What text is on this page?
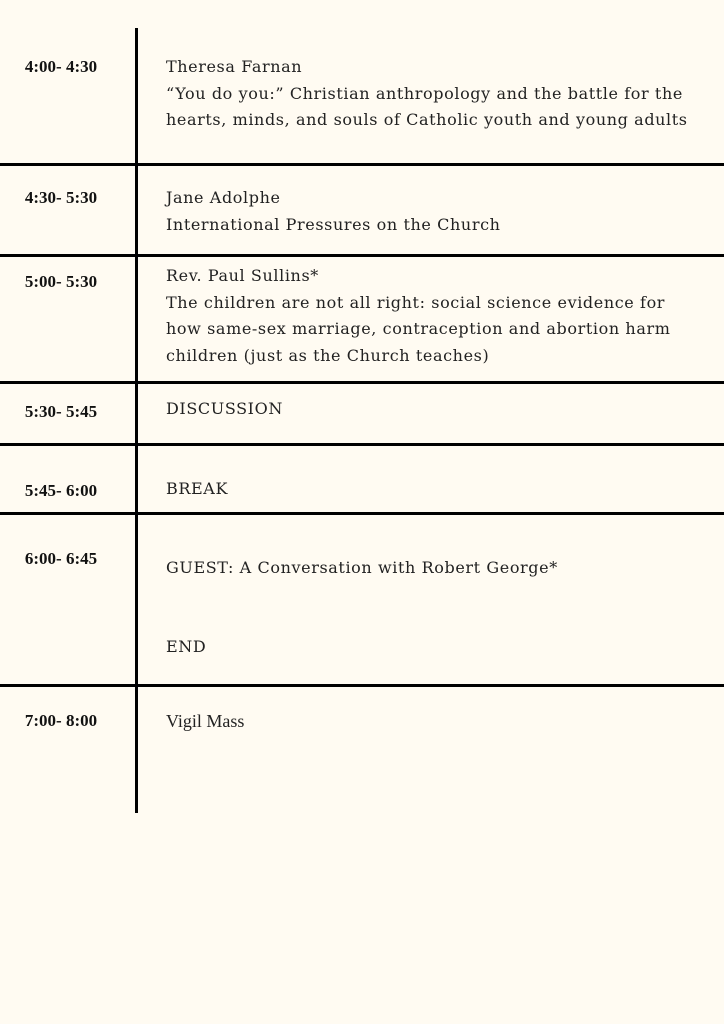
4:00- 4:30	Theresa Farnan
“You do you:” Christian anthropology and the battle for the hearts, minds, and souls of Catholic youth and young adults
4:30- 5:30	Jane Adolphe
International Pressures on the Church
5:00- 5:30	Rev. Paul Sullins*
The children are not all right: social science evidence for how same-sex marriage, contraception and abortion harm children (just as the Church teaches)
5:30- 5:45	DISCUSSION
5:45- 6:00	BREAK
6:00- 6:45	GUEST: A Conversation with Robert George*
END
7:00- 8:00	Vigil Mass
